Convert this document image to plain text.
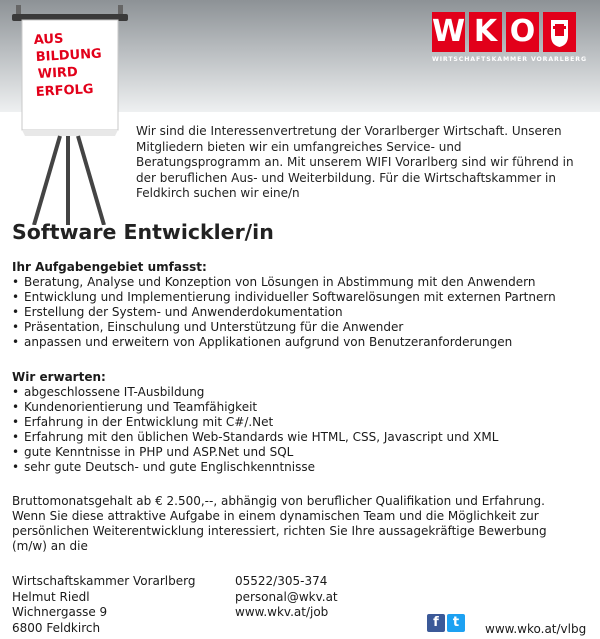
AUS
BILDUNG
WIRD
ERFOLG
W K O
WIRTSCHAFTSKAMMER VORARLBERG
Wir sind die Interessenvertretung der Vorarlberger Wirtschaft. Unseren Mitgliedern bieten wir ein umfangreiches Service- und Beratungsprogramm an. Mit unserem WIFI Vorarlberg sind wir führend in der beruflichen Aus- und Weiterbildung. Für die Wirtschaftskammer in Feldkirch suchen wir eine/n
Software Entwickler/in
Ihr Aufgabengebiet umfasst:
• Beratung, Analyse und Konzeption von Lösungen in Abstimmung mit den Anwendern
• Entwicklung und Implementierung individueller Softwarelösungen mit externen Partnern
• Erstellung der System- und Anwenderdokumentation
• Präsentation, Einschulung und Unterstützung für die Anwender
• anpassen und erweitern von Applikationen aufgrund von Benutzeranforderungen
Wir erwarten:
• abgeschlossene IT-Ausbildung
• Kundenorientierung und Teamfähigkeit
• Erfahrung in der Entwicklung mit C#/.Net
• Erfahrung mit den üblichen Web-Standards wie HTML, CSS, Javascript und XML
• gute Kenntnisse in PHP und ASP.Net und SQL
• sehr gute Deutsch- und gute Englischkenntnisse
Bruttomonatsgehalt ab € 2.500,--, abhängig von beruflicher Qualifikation und Erfahrung. Wenn Sie diese attraktive Aufgabe in einem dynamischen Team und die Möglichkeit zur persönlichen Weiterentwicklung interessiert, richten Sie Ihre aussagekräftige Bewerbung (m/w) an die
Wirtschaftskammer Vorarlberg
Helmut Riedl
Wichnergasse 9
6800 Feldkirch
05522/305-374
personal@wkv.at
www.wkv.at/job
f t	www.wko.at/vlbg
